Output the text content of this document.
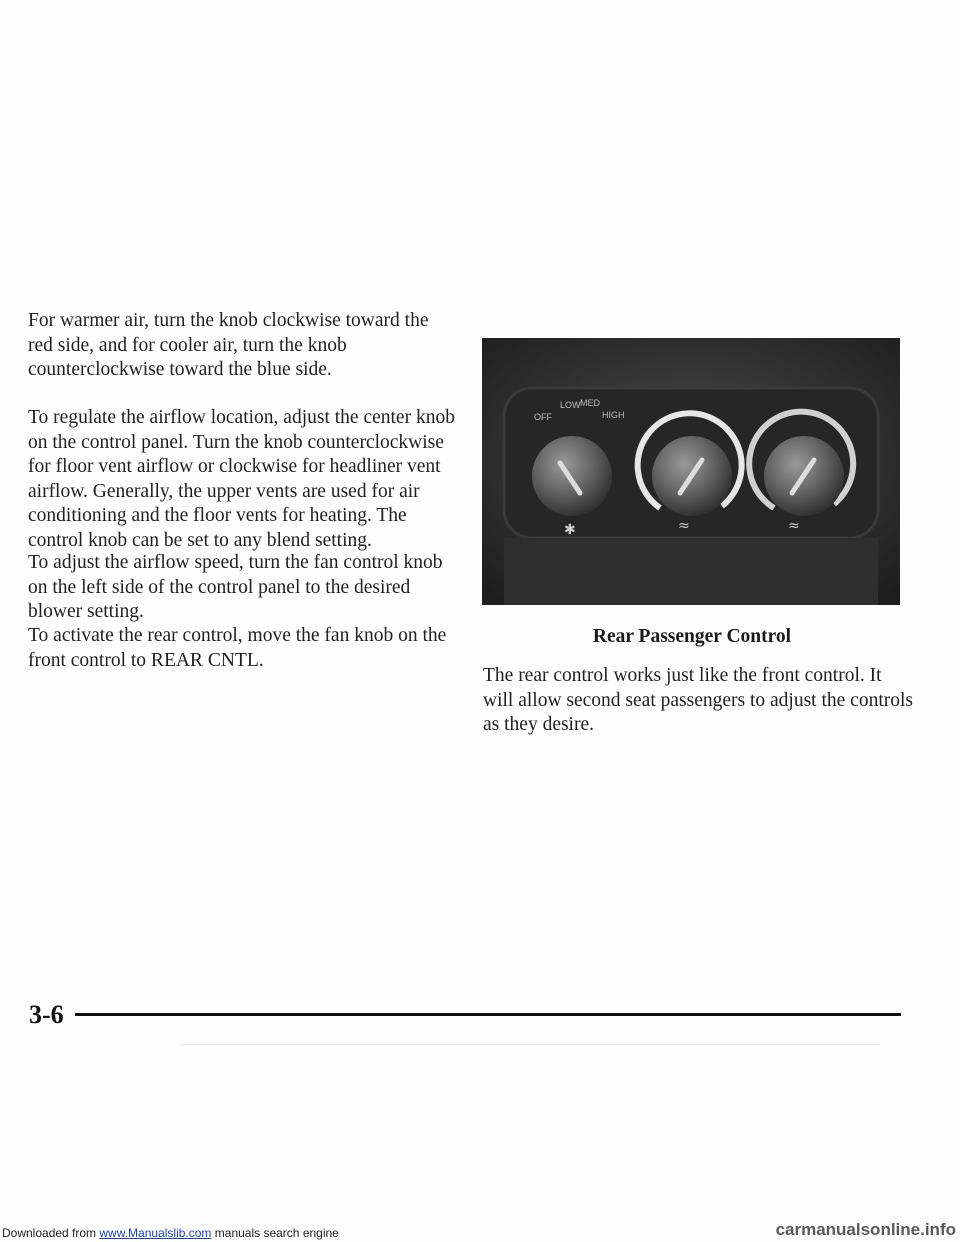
For warmer air, turn the knob clockwise toward the red side, and for cooler air, turn the knob counterclockwise toward the blue side.

To regulate the airflow location, adjust the center knob on the control panel. Turn the knob counterclockwise for floor vent airflow or clockwise for headliner vent airflow. Generally, the upper vents are used for air conditioning and the floor vents for heating. The control knob can be set to any blend setting.

To adjust the airflow speed, turn the fan control knob on the left side of the control panel to the desired blower setting.

To activate the rear control, move the fan knob on the front control to REAR CNTL.

OFF
LOW MED
HIGH
✱	≈	≈
Rear Passenger Control

The rear control works just like the front control. It will allow second seat passengers to adjust the controls as they desire.

3-6
Downloaded from www.Manualslib.com manuals search engine	carmanualsonline.info
